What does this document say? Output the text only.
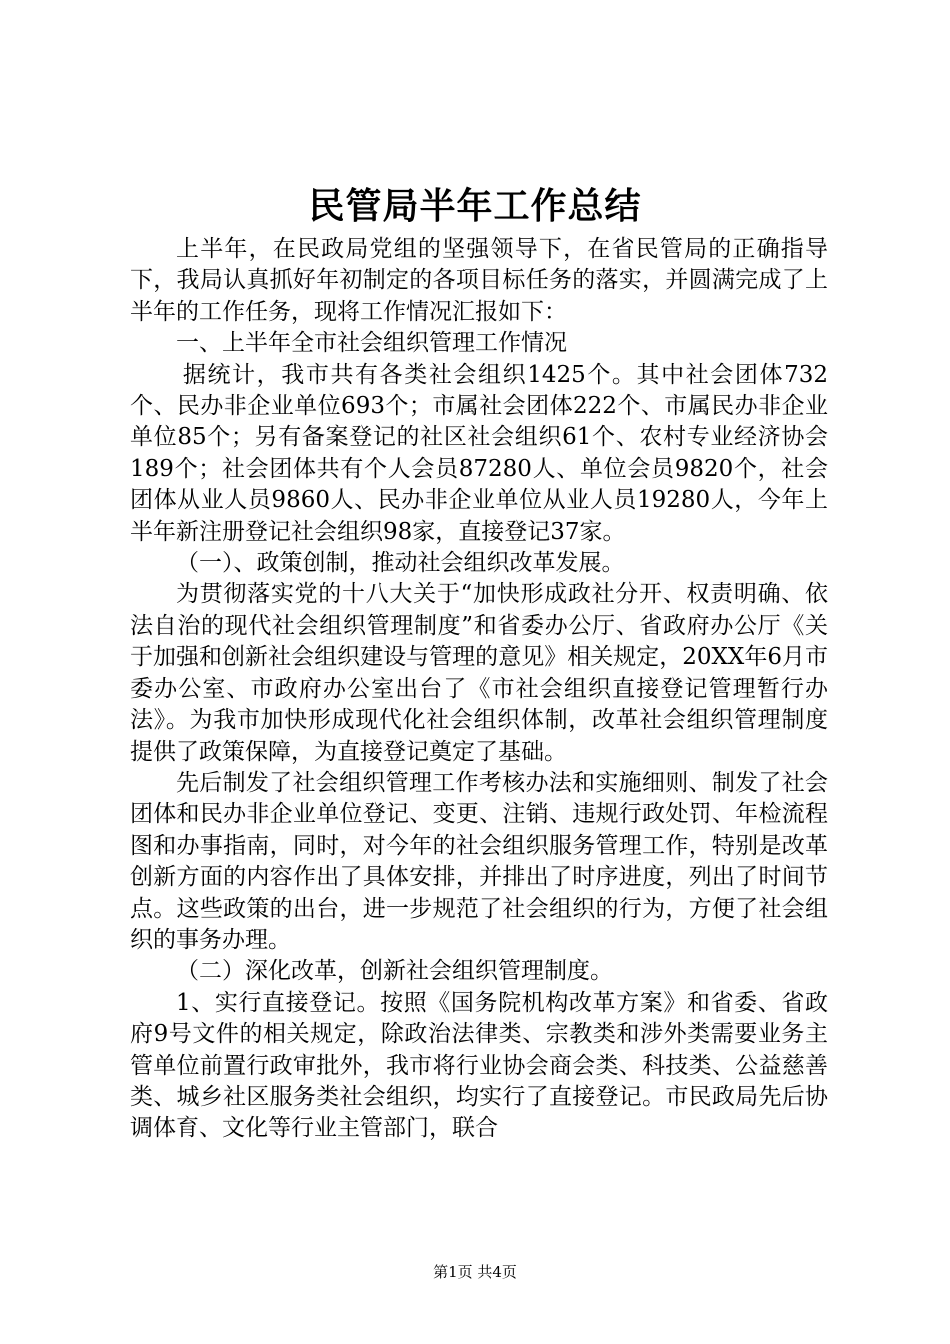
民管局半年工作总结

上半年，在民政局党组的坚强领导下，在省民管局的正确指导下，我局认真抓好年初制定的各项目标任务的落实，并圆满完成了上半年的工作任务，现将工作情况汇报如下：

一、上半年全市社会组织管理工作情况

据统计，我市共有各类社会组织1425个。其中社会团体732个、民办非企业单位693个；市属社会团体222个、市属民办非企业单位85个；另有备案登记的社区社会组织61个、农村专业经济协会189个；社会团体共有个人会员87280人、单位会员9820个，社会团体从业人员9860人、民办非企业单位从业人员19280人，今年上半年新注册登记社会组织98家，直接登记37家。

（一）、政策创制，推动社会组织改革发展。

为贯彻落实党的十八大关于“加快形成政社分开、权责明确、依法自治的现代社会组织管理制度”和省委办公厅、省政府办公厅《关于加强和创新社会组织建设与管理的意见》相关规定，20XX年6月市委办公室、市政府办公室出台了《市社会组织直接登记管理暂行办法》。为我市加快形成现代化社会组织体制，改革社会组织管理制度提供了政策保障，为直接登记奠定了基础。

先后制发了社会组织管理工作考核办法和实施细则、制发了社会团体和民办非企业单位登记、变更、注销、违规行政处罚、年检流程图和办事指南，同时，对今年的社会组织服务管理工作，特别是改革创新方面的内容作出了具体安排，并排出了时序进度，列出了时间节点。这些政策的出台，进一步规范了社会组织的行为，方便了社会组织的事务办理。

（二）深化改革，创新社会组织管理制度。

1、实行直接登记。按照《国务院机构改革方案》和省委、省政府9号文件的相关规定，除政治法律类、宗教类和涉外类需要业务主管单位前置行政审批外，我市将行业协会商会类、科技类、公益慈善类、城乡社区服务类社会组织，均实行了直接登记。市民政局先后协调体育、文化等行业主管部门，联合

第1页 共4页
